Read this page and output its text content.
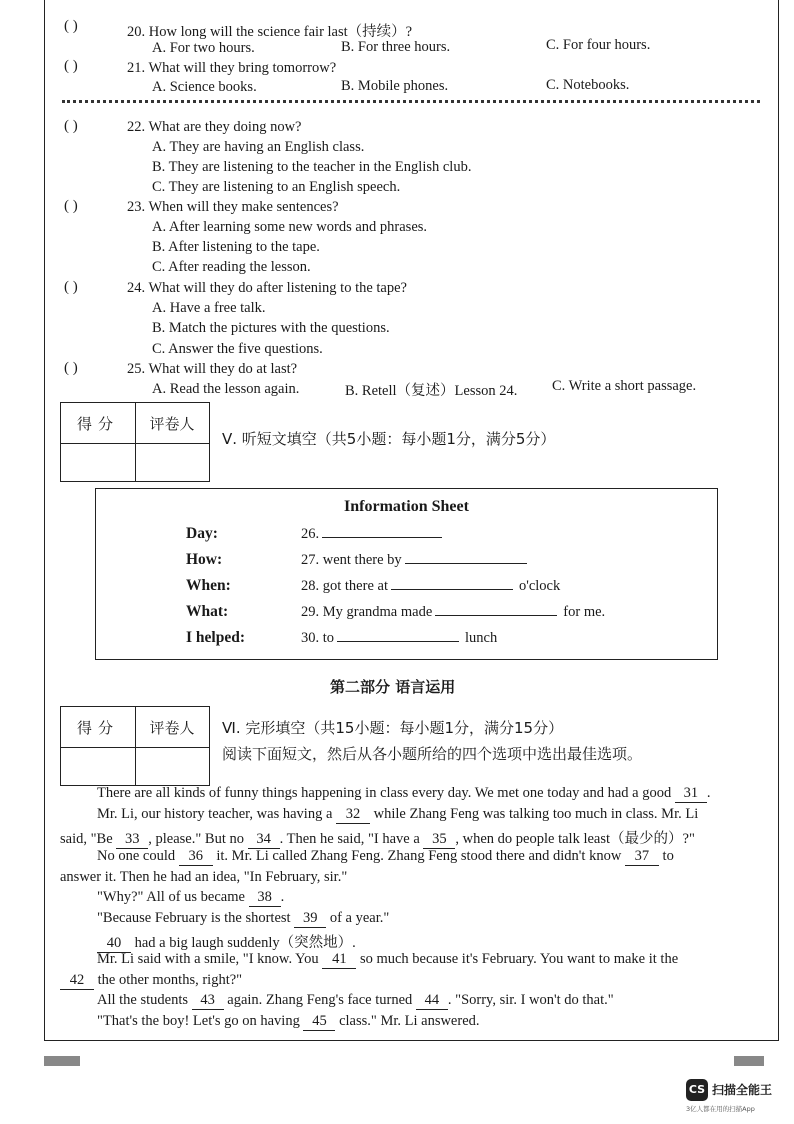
( )	20. How long will the science fair last（持续）?
A. For two hours.	B. For three hours.	C. For four hours.
( )	21. What will they bring tomorrow?
A. Science books.	B. Mobile phones.	C. Notebooks.
( )	22. What are they doing now?
A. They are having an English class.
B. They are listening to the teacher in the English club.
C. They are listening to an English speech.
( )	23. When will they make sentences?
A. After learning some new words and phrases.
B. After listening to the tape.
C. After reading the lesson.
( )	24. What will they do after listening to the tape?
A. Have a free talk.
B. Match the pictures with the questions.
C. Answer the five questions.
( )	25. What will they do at last?
A. Read the lesson again.	B. Retell（复述）Lesson 24. C. Write a short passage.
得分	评卷人
Ⅴ. 听短文填空（共5小题：每小题1分，满分5分）
Information Sheet
Day:	26.
How:	27. went there by
When:	28. got there at	o'clock
What:	29. My grandma made	for me.
I helped:	30. to	lunch
第二部分 语言运用
得分	评卷人	Ⅵ. 完形填空（共15小题：每小题1分，满分15分）
阅读下面短文，然后从各小题所给的四个选项中选出最佳选项。
There are all kinds of funny things happening in class every day. We met one today and had a good 31 .
Mr. Li, our history teacher, was having a 32 while Zhang Feng was talking too much in class. Mr. Li
said, "Be 33 , please." But no 34 . Then he said, "I have a 35 , when do people talk least（最少的）?"
No one could 36 it. Mr. Li called Zhang Feng. Zhang Feng stood there and didn't know 37 to
answer it. Then he had an idea, "In February, sir."
"Why?" All of us became 38 .
"Because February is the shortest 39 of a year."
40 had a big laugh suddenly（突然地）.
Mr. Li said with a smile, "I know. You 41 so much because it's February. You want to make it the
42 the other months, right?"
All the students 43 again. Zhang Feng's face turned 44 . "Sorry, sir. I won't do that."
"That's the boy! Let's go on having 45 class." Mr. Li answered.
CS 扫描全能王
3亿人都在用的扫描App
